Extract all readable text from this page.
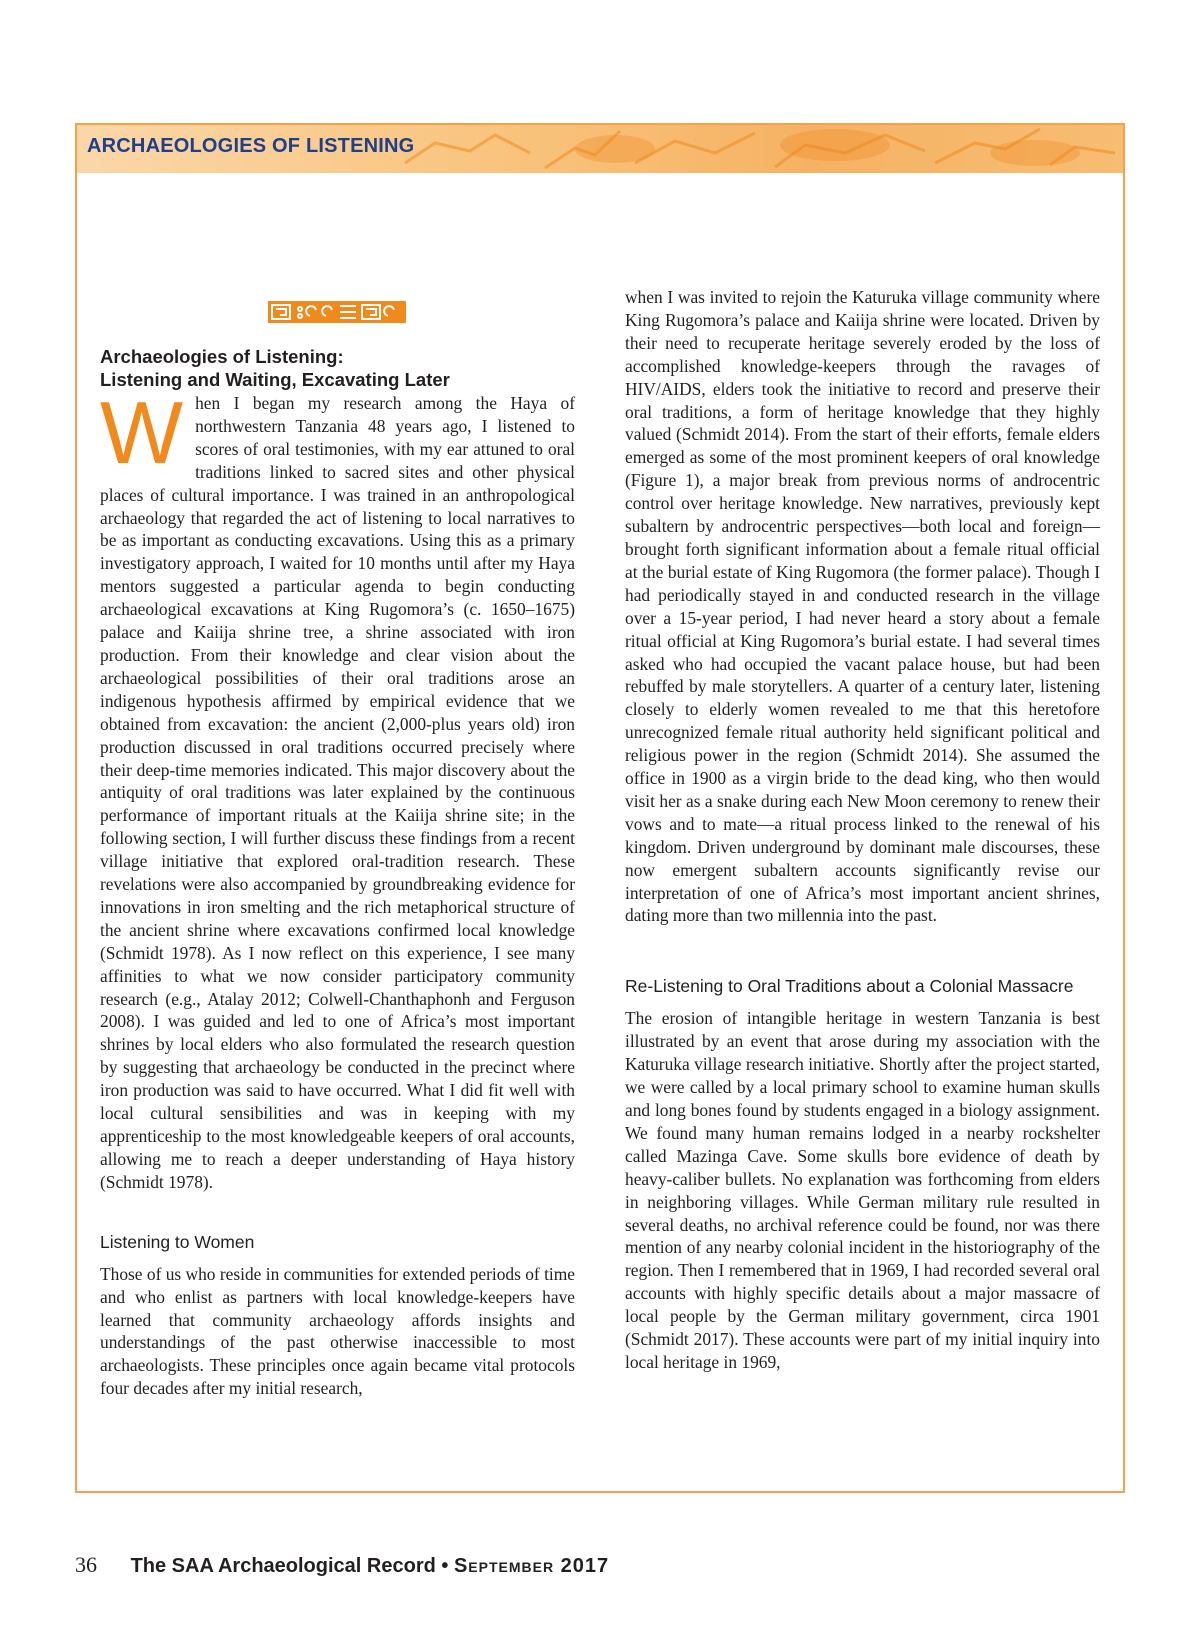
ARCHAEOLOGIES OF LISTENING
Archaeologies of Listening:
Listening and Waiting, Excavating Later

When I began my research among the Haya of northwestern Tanzania 48 years ago, I listened to scores of oral testimonies, with my ear attuned to oral traditions linked to sacred sites and other physical places of cultural importance. I was trained in an anthropological archaeology that regarded the act of listening to local narratives to be as important as conducting excavations. Using this as a primary investigatory approach, I waited for 10 months until after my Haya mentors suggested a particular agenda to begin conducting archaeological excavations at King Rugomora’s (c. 1650–1675) palace and Kaiija shrine tree, a shrine associated with iron production. From their knowledge and clear vision about the archaeological possibilities of their oral traditions arose an indigenous hypothesis affirmed by empirical evidence that we obtained from excavation: the ancient (2,000-plus years old) iron production discussed in oral traditions occurred precisely where their deep-time memories indicated. This major discovery about the antiquity of oral traditions was later explained by the continuous performance of important rituals at the Kaiija shrine site; in the following section, I will further discuss these findings from a recent village initiative that explored oral-tradition research. These revelations were also accompanied by groundbreaking evidence for innovations in iron smelting and the rich metaphorical structure of the ancient shrine where excavations confirmed local knowledge (Schmidt 1978). As I now reflect on this experience, I see many affinities to what we now consider participatory community research (e.g., Atalay 2012; Colwell-Chanthaphonh and Ferguson 2008). I was guided and led to one of Africa’s most important shrines by local elders who also formulated the research question by suggesting that archaeology be conducted in the precinct where iron production was said to have occurred. What I did fit well with local cultural sensibilities and was in keeping with my apprenticeship to the most knowledgeable keepers of oral accounts, allowing me to reach a deeper understanding of Haya history (Schmidt 1978).

Listening to Women

Those of us who reside in communities for extended periods of time and who enlist as partners with local knowledge-keepers have learned that community archaeology affords insights and understandings of the past otherwise inaccessible to most archaeologists. These principles once again became vital protocols four decades after my initial research,

when I was invited to rejoin the Katuruka village community where King Rugomora’s palace and Kaiija shrine were located. Driven by their need to recuperate heritage severely eroded by the loss of accomplished knowledge-keepers through the ravages of HIV/AIDS, elders took the initiative to record and preserve their oral traditions, a form of heritage knowledge that they highly valued (Schmidt 2014). From the start of their efforts, female elders emerged as some of the most prominent keepers of oral knowledge (Figure 1), a major break from previous norms of androcentric control over heritage knowledge. New narratives, previously kept subaltern by androcentric perspectives—both local and foreign—brought forth significant information about a female ritual official at the burial estate of King Rugomora (the former palace). Though I had periodically stayed in and conducted research in the village over a 15-year period, I had never heard a story about a female ritual official at King Rugomora’s burial estate. I had several times asked who had occupied the vacant palace house, but had been rebuffed by male storytellers. A quarter of a century later, listening closely to elderly women revealed to me that this heretofore unrecognized female ritual authority held significant political and religious power in the region (Schmidt 2014). She assumed the office in 1900 as a virgin bride to the dead king, who then would visit her as a snake during each New Moon ceremony to renew their vows and to mate—a ritual process linked to the renewal of his kingdom. Driven underground by dominant male discourses, these now emergent subaltern accounts significantly revise our interpretation of one of Africa’s most important ancient shrines, dating more than two millennia into the past.

Re-Listening to Oral Traditions about a Colonial Massacre

The erosion of intangible heritage in western Tanzania is best illustrated by an event that arose during my association with the Katuruka village research initiative. Shortly after the project started, we were called by a local primary school to examine human skulls and long bones found by students engaged in a biology assignment. We found many human remains lodged in a nearby rockshelter called Mazinga Cave. Some skulls bore evidence of death by heavy-caliber bullets. No explanation was forthcoming from elders in neighboring villages. While German military rule resulted in several deaths, no archival reference could be found, nor was there mention of any nearby colonial incident in the historiography of the region. Then I remembered that in 1969, I had recorded several oral accounts with highly specific details about a major massacre of local people by the German military government, circa 1901 (Schmidt 2017). These accounts were part of my initial inquiry into local heritage in 1969,

36 The SAA Archaeological Record • September 2017
